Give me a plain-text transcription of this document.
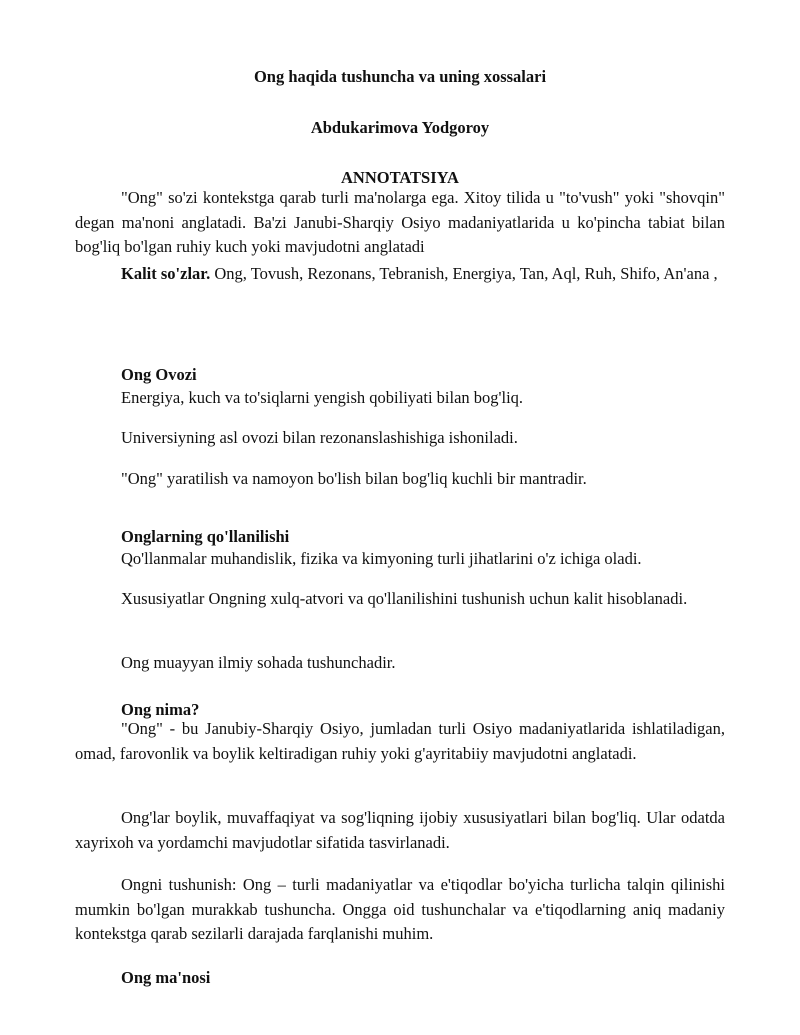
Ong haqida tushuncha va uning xossalari

Abdukarimova Yodgoroy

ANNOTATSIYA

"Ong" so'zi kontekstga qarab turli ma'nolarga ega. Xitoy tilida u "to'vush" yoki "shovqin" degan ma'noni anglatadi. Ba'zi Janubi-Sharqiy Osiyo madaniyatlarida u ko'pincha tabiat bilan bog'liq bo'lgan ruhiy kuch yoki mavjudotni anglatadi

Kalit so'zlar. Ong, Tovush, Rezonans, Tebranish, Energiya, Tan, Aql, Ruh, Shifo, An'ana ,

Ong Ovozi

Energiya, kuch va to'siqlarni yengish qobiliyati bilan bog'liq.

Universiyning asl ovozi bilan rezonanslashishiga ishoniladi.

"Ong" yaratilish va namoyon bo'lish bilan bog'liq kuchli bir mantradir.

Onglarning qo'llanilishi

Qo'llanmalar muhandislik, fizika va kimyoning turli jihatlarini o'z ichiga oladi.

Xususiyatlar Ongning xulq-atvori va qo'llanilishini tushunish uchun kalit hisoblanadi.

Ong muayyan ilmiy sohada tushunchadir.

Ong nima?

"Ong" - bu Janubiy-Sharqiy Osiyo, jumladan turli Osiyo madaniyatlarida ishlatiladigan, omad, farovonlik va boylik keltiradigan ruhiy yoki g'ayritabiiy mavjudotni anglatadi.

Ong'lar boylik, muvaffaqiyat va sog'liqning ijobiy xususiyatlari bilan bog'liq. Ular odatda xayrixoh va yordamchi mavjudotlar sifatida tasvirlanadi.

Ongni tushunish: Ong – turli madaniyatlar va e'tiqodlar bo'yicha turlicha talqin qilinishi mumkin bo'lgan murakkab tushuncha. Ongga oid tushunchalar va e'tiqodlarning aniq madaniy kontekstga qarab sezilarli darajada farqlanishi muhim.

Ong ma'nosi
